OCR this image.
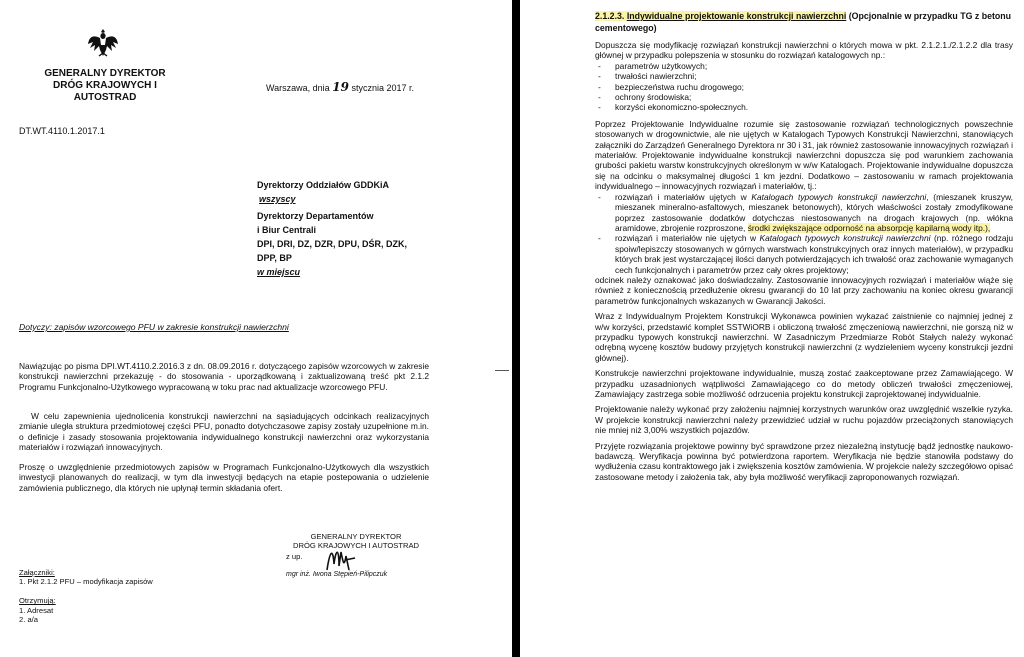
GENERALNY DYREKTOR
DRÓG KRAJOWYCH I AUTOSTRAD
Warszawa, dnia 19 stycznia 2017 r.
DT.WT.4110.1.2017.1
Dyrektorzy Oddziałów GDDKiA
wszyscy
Dyrektorzy Departamentów
i Biur Centrali
DPI, DRI, DZ, DZR, DPU, DŚR, DZK,
DPP, BP
w miejscu
Dotyczy: zapisów wzorcowego PFU w zakresie konstrukcji nawierzchni
Nawiązując po pisma DPI.WT.4110.2.2016.3 z dn. 08.09.2016 r. dotyczącego zapisów wzorcowych w zakresie konstrukcji nawierzchni przekazuję - do stosowania - uporządkowaną i zaktualizowaną treść pkt 2.1.2 Programu Funkcjonalno-Użytkowego wypracowaną w toku prac nad aktualizacje wzorcowego PFU.
W celu zapewnienia ujednolicenia konstrukcji nawierzchni na sąsiadujących odcinkach realizacyjnych zmianie uległa struktura przedmiotowej części PFU, ponadto dotychczasowe zapisy zostały uzupełnione m.in. o definicje i zasady stosowania projektowania indywidualnego konstrukcji nawierzchni oraz wykorzystania materiałów i rozwiązań innowacyjnych.
Proszę o uwzględnienie przedmiotowych zapisów w Programach Funkcjonalno-Użytkowych dla wszystkich inwestycji planowanych do realizacji, w tym dla inwestycji będących na etapie postepowania o udzielenie zamówienia publicznego, dla których nie upłynął termin składania ofert.
GENERALNY DYREKTOR
DRÓG KRAJOWYCH I AUTOSTRAD
z up.
mgr inż. Iwona Stępień-Pilipczuk
Załączniki:
1. Pkt 2.1.2 PFU – modyfikacja zapisów
Otrzymują:
1. Adresat
2. a/a
2.1.2.3. Indywidualne projektowanie konstrukcji nawierzchni (Opcjonalnie w przypadku TG z betonu cementowego)

Dopuszcza się modyfikację rozwiązań konstrukcji nawierzchni o których mowa w pkt. 2.1.2.1./2.1.2.2 dla trasy głównej w przypadku polepszenia w stosunku do rozwiązań katalogowych np.:

- parametrów użytkowych;
- trwałości nawierzchni;
- bezpieczeństwa ruchu drogowego;
- ochrony środowiska;
- korzyści ekonomiczno-społecznych.

Poprzez Projektowanie Indywidualne rozumie się zastosowanie rozwiązań technologicznych powszechnie stosowanych w drogownictwie, ale nie ujętych w Katalogach Typowych Konstrukcji Nawierzchni, stanowiących załączniki do Zarządzeń Generalnego Dyrektora nr 30 i 31, jak również zastosowanie innowacyjnych rozwiązań i materiałów. Projektowanie indywidualne konstrukcji nawierzchni dopuszcza się pod warunkiem zachowania grubości pakietu warstw konstrukcyjnych określonym w w/w Katalogach. Projektowanie indywidualne dopuszcza się na odcinku o maksymalnej długości 1 km jezdni. Dodatkowo – zastosowaniu w ramach projektowania indywidualnego – innowacyjnych rozwiązań i materiałów, tj.:

- rozwiązań i materiałów ujętych w Katalogach typowych konstrukcji nawierzchni, (mieszanek kruszyw, mieszanek mineralno-asfaltowych, mieszanek betonowych), których właściwości zostały zmodyfikowane poprzez zastosowanie dodatków dotychczas niestosowanych na drogach krajowych (np. włókna aramidowe, zbrojenie rozproszone, środki zwiększające odporność na absorpcję kapilarną wody itp.),
- rozwiązań i materiałów nie ujętych w Katalogach typowych konstrukcji nawierzchni (np. różnego rodzaju spoiw/lepiszczy stosowanych w górnych warstwach konstrukcyjnych oraz innych materiałów), w przypadku których brak jest wystarczającej ilości danych potwierdzających ich trwałość oraz zachowanie wymaganych cech funkcjonalnych i parametrów przez cały okres projektowy;

odcinek należy oznakować jako doświadczalny. Zastosowanie innowacyjnych rozwiązań i materiałów wiąże się również z koniecznością przedłużenie okresu gwarancji do 10 lat przy zachowaniu na koniec okresu gwarancji parametrów funkcjonalnych wskazanych w Gwarancji Jakości.

Wraz z Indywidualnym Projektem Konstrukcji Wykonawca powinien wykazać zaistnienie co najmniej jednej z w/w korzyści, przedstawić komplet SSTWiORB i obliczoną trwałość zmęczeniową nawierzchni, nie gorszą niż w przypadku typowych konstrukcji nawierzchni. W Zasadniczym Przedmiarze Robót Stałych należy wykonać odrębną wycenę kosztów budowy przyjętych konstrukcji nawierzchni (z wydzieleniem wyceny konstrukcji jezdni głównej).

Konstrukcje nawierzchni projektowane indywidualnie, muszą zostać zaakceptowane przez Zamawiającego. W przypadku uzasadnionych wątpliwości Zamawiającego co do metody obliczeń trwałości zmęczeniowej, Zamawiający zastrzega sobie możliwość odrzucenia projektu konstrukcji zaprojektowanej indywidualnie.

Projektowanie należy wykonać przy założeniu najmniej korzystnych warunków oraz uwzględnić wszelkie ryzyka. W projekcie konstrukcji nawierzchni należy przewidzieć udział w ruchu pojazdów przeciążonych stanowiących nie mniej niż 3,00% wszystkich pojazdów.

Przyjęte rozwiązania projektowe powinny być sprawdzone przez niezależną instytucję bądź jednostkę naukowo-badawczą. Weryfikacja powinna być potwierdzona raportem. Weryfikacja nie będzie stanowiła podstawy do wydłużenia czasu kontraktowego jak i zwiększenia kosztów zamówienia. W projekcie należy szczegółowo opisać zastosowane metody i założenia tak, aby była możliwość weryfikacji zaproponowanych rozwiązań.
